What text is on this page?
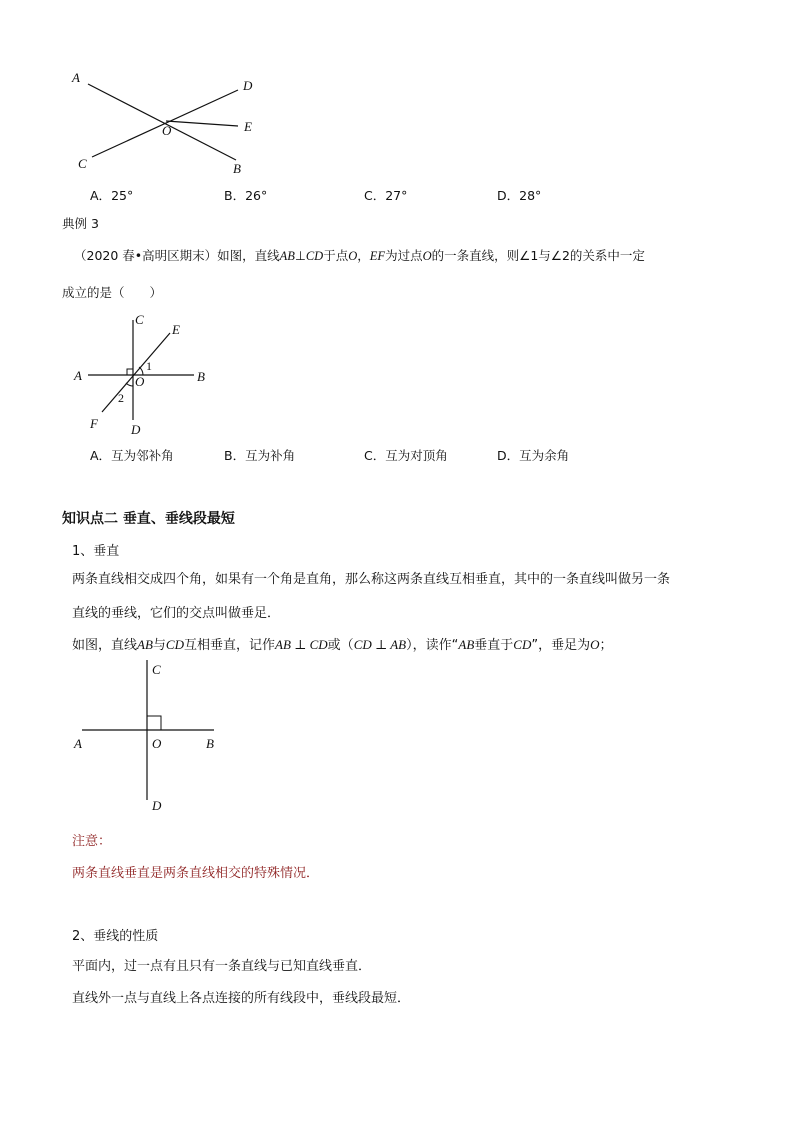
A
D
E
O
C	B
A．25°	B．26°	C．27°	D．28°
典例 3
（2020 春•高明区期末）如图，直线AB⊥CD于点O，EF为过点O的一条直线，则∠1与∠2的关系中一定
成立的是（　　）
C
E
A	B
O
1
2
F	D
A．互为邻补角	B．互为补角	C．互为对顶角	D．互为余角
知识点二 垂直、垂线段最短
1、垂直
两条直线相交成四个角，如果有一个角是直角，那么称这两条直线互相垂直，其中的一条直线叫做另一条
直线的垂线，它们的交点叫做垂足．
如图，直线AB与CD互相垂直，记作AB ⊥ CD或（CD ⊥ AB），读作“AB垂直于CD”，垂足为O；
C
A	O	B
D
注意：
两条直线垂直是两条直线相交的特殊情况．
2、垂线的性质
平面内，过一点有且只有一条直线与已知直线垂直．
直线外一点与直线上各点连接的所有线段中，垂线段最短．
